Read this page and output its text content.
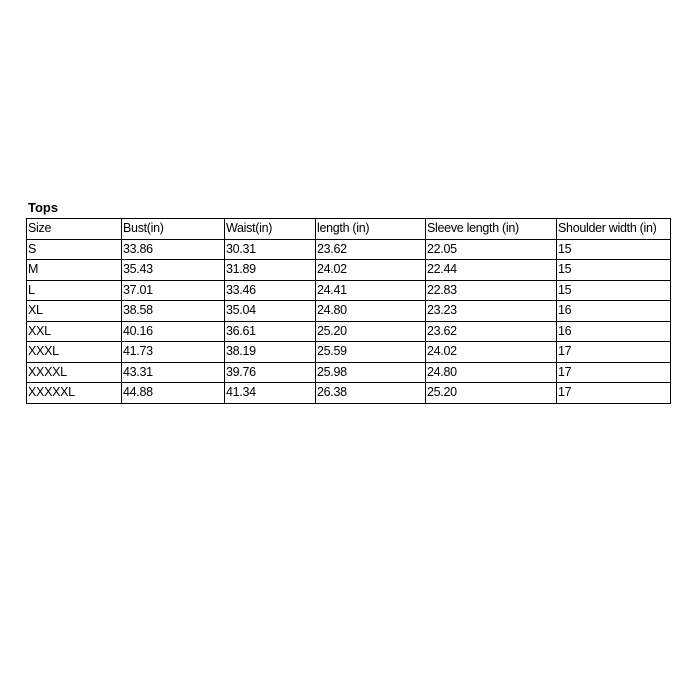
Tops
Size	Bust(in)	Waist(in)	length (in)	Sleeve length (in)	Shoulder width (in)
S	33.86	30.31	23.62	22.05	15
M	35.43	31.89	24.02	22.44	15
L	37.01	33.46	24.41	22.83	15
XL	38.58	35.04	24.80	23.23	16
XXL	40.16	36.61	25.20	23.62	16
XXXL	41.73	38.19	25.59	24.02	17
XXXXL	43.31	39.76	25.98	24.80	17
XXXXXL	44.88	41.34	26.38	25.20	17
